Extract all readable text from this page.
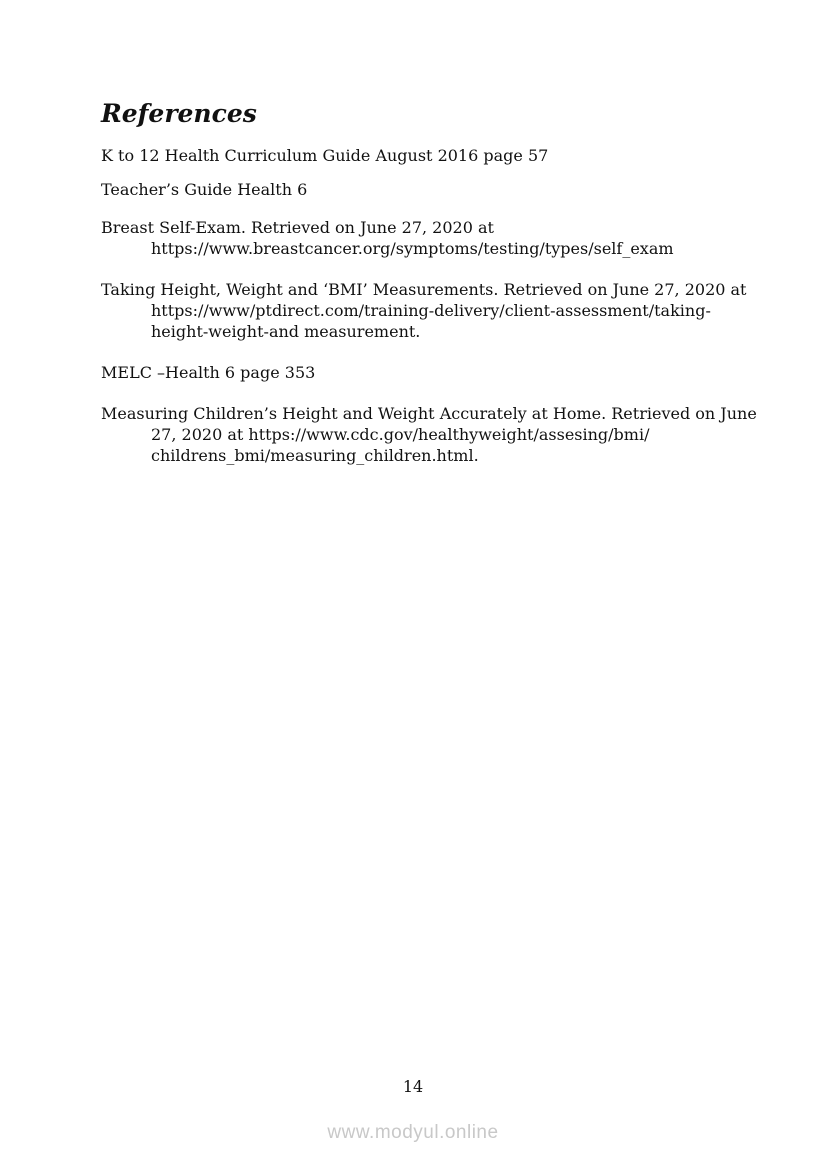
References

K to 12 Health Curriculum Guide August 2016 page 57

Teacher’s Guide Health 6

Breast Self-Exam. Retrieved on June 27, 2020 at
https://www.breastcancer.org/symptoms/testing/types/self_exam

Taking Height, Weight and ‘BMI’ Measurements. Retrieved on June 27, 2020 at
https://www/ptdirect.com/training-delivery/client-assessment/taking-
height-weight-and measurement.

MELC –Health 6 page 353

Measuring Children’s Height and Weight Accurately at Home. Retrieved on June
27, 2020 at https://www.cdc.gov/healthyweight/assesing/bmi/
childrens_bmi/measuring_children.html.

14
www.modyul.online
